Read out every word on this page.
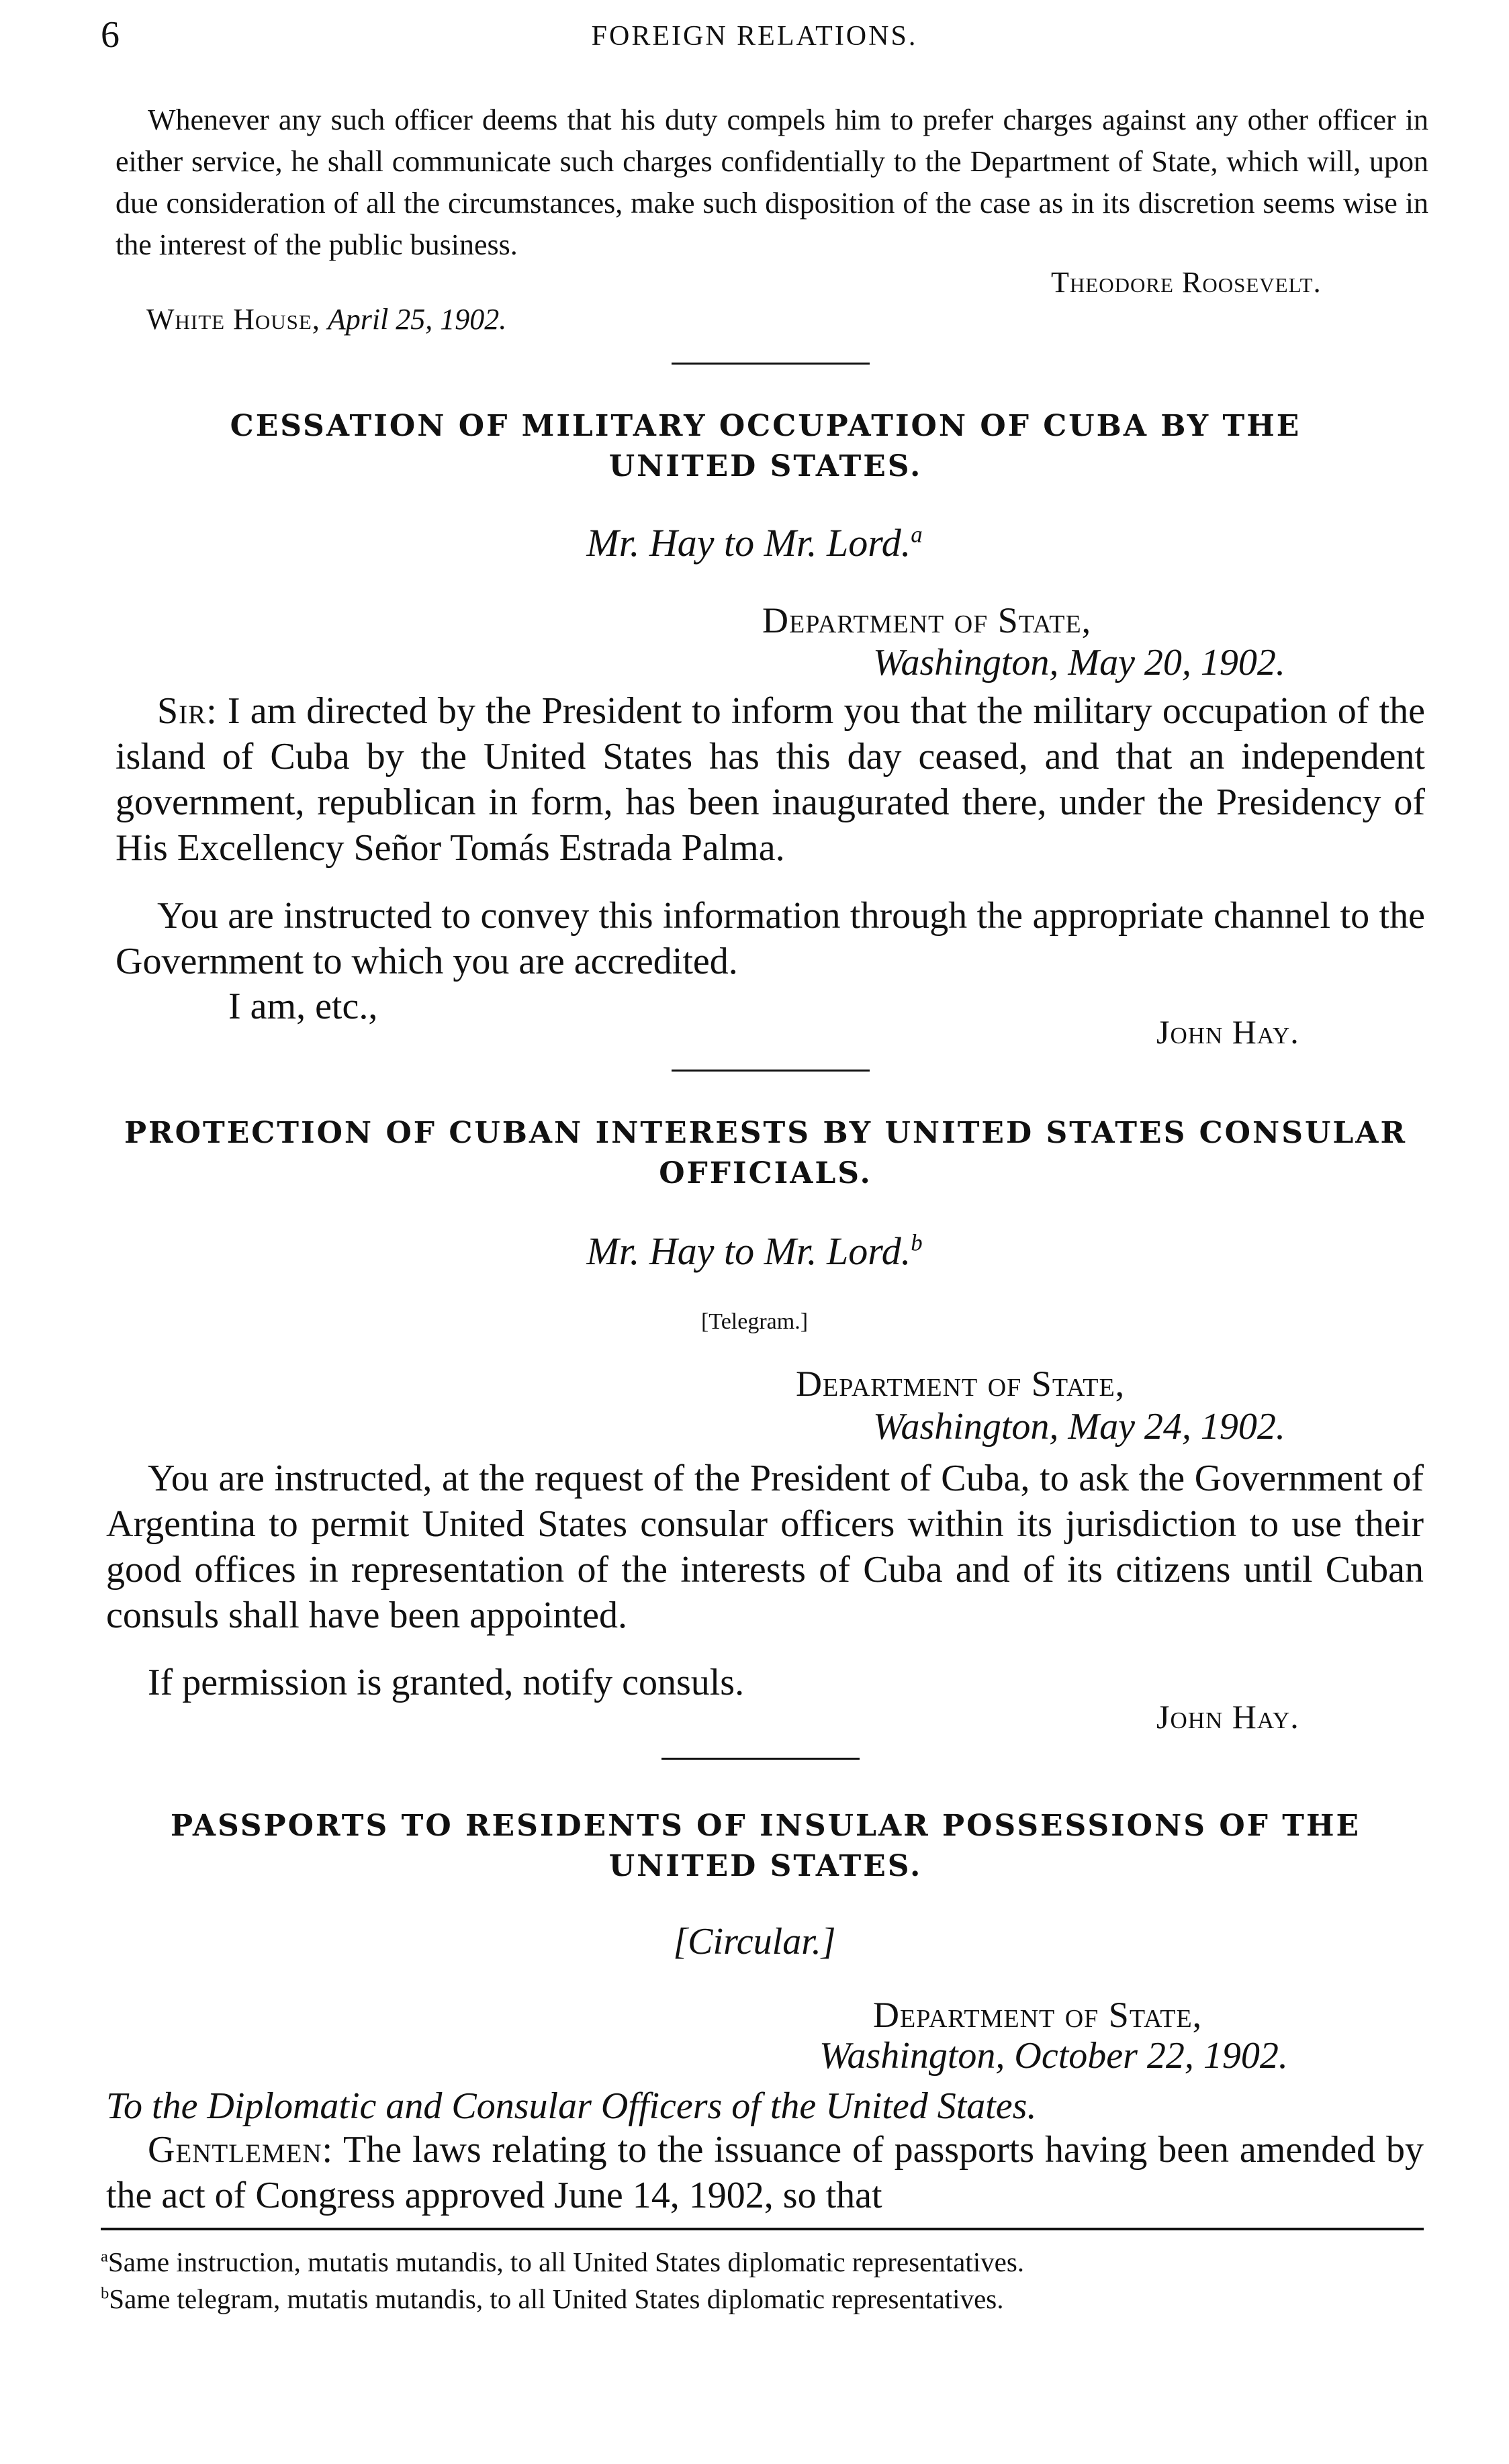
6	FOREIGN RELATIONS.
Whenever any such officer deems that his duty compels him to prefer charges against any other officer in either service, he shall communicate such charges confidentially to the Department of State, which will, upon due consideration of all the circumstances, make such disposition of the case as in its discretion seems wise in the interest of the public business.
Theodore Roosevelt.
White House, April 25, 1902.
CESSATION OF MILITARY OCCUPATION OF CUBA BY THE
UNITED STATES.
Mr. Hay to Mr. Lord.$^a$
Department of State,
Washington, May 20, 1902.
Sir: I am directed by the President to inform you that the military occupation of the island of Cuba by the United States has this day ceased, and that an independent government, republican in form, has been inaugurated there, under the Presidency of His Excellency Señor Tomás Estrada Palma.
You are instructed to convey this information through the appropriate channel to the Government to which you are accredited.
I am, etc.,
John Hay.
PROTECTION OF CUBAN INTERESTS BY UNITED STATES CONSULAR
OFFICIALS.
Mr. Hay to Mr. Lord.$^b$
[Telegram.]
Department of State,
Washington, May 24, 1902.
You are instructed, at the request of the President of Cuba, to ask the Government of Argentina to permit United States consular officers within its jurisdiction to use their good offices in representation of the interests of Cuba and of its citizens until Cuban consuls shall have been appointed.
If permission is granted, notify consuls.
John Hay.
PASSPORTS TO RESIDENTS OF INSULAR POSSESSIONS OF THE
UNITED STATES.
[Circular.]
Department of State,
Washington, October 22, 1902.
To the Diplomatic and Consular Officers of the United States.
Gentlemen: The laws relating to the issuance of passports having been amended by the act of Congress approved June 14, 1902, so that
$^a$Same instruction, mutatis mutandis, to all United States diplomatic representatives.
$^b$Same telegram, mutatis mutandis, to all United States diplomatic representatives.
